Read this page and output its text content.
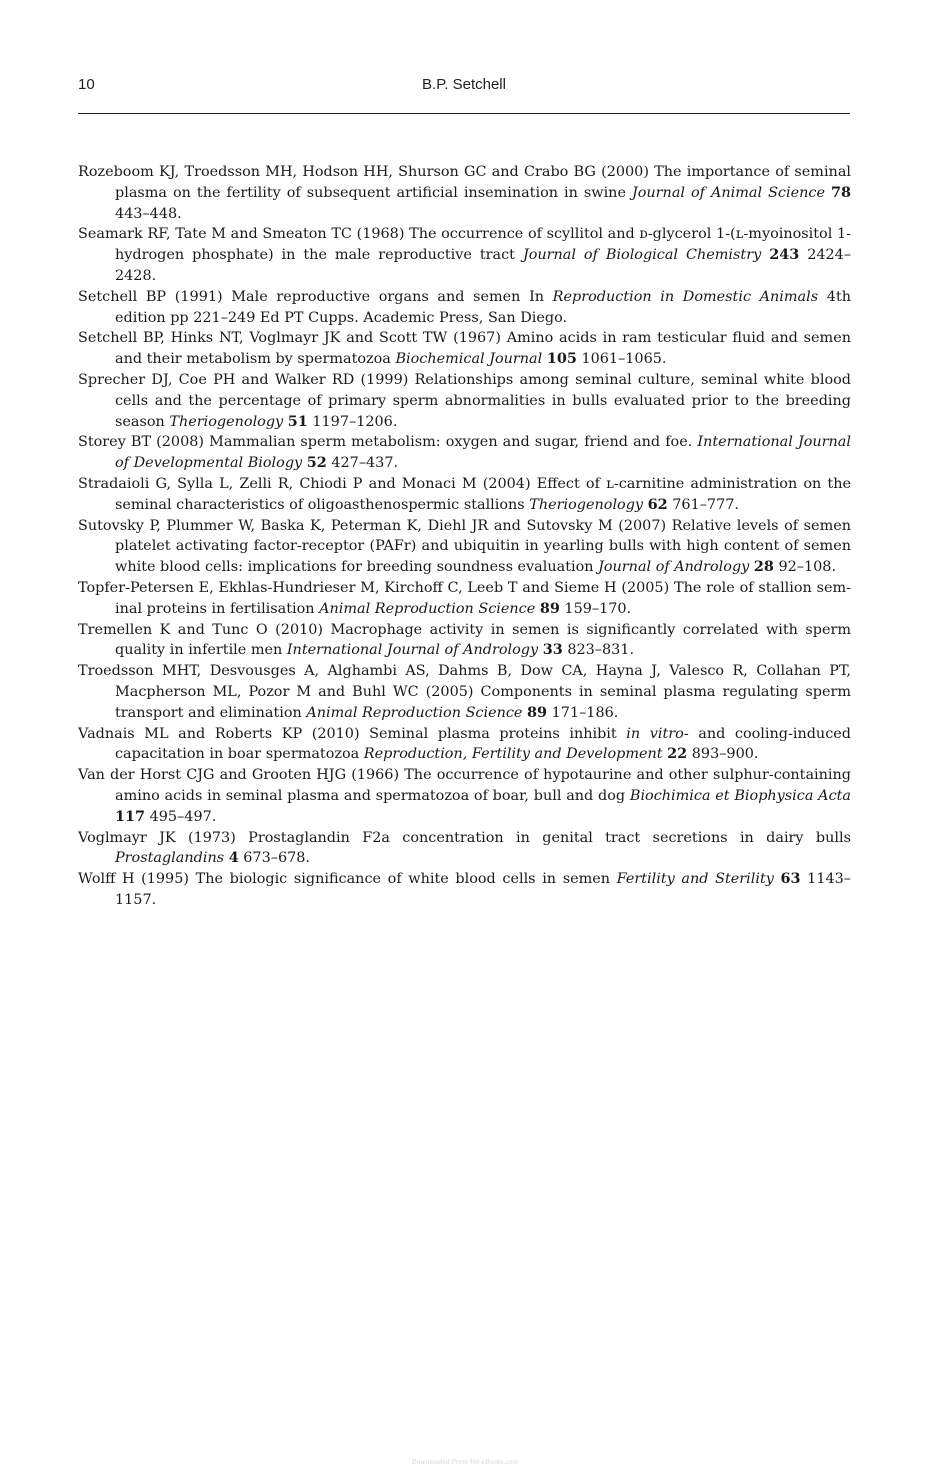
10	B.P. Setchell
Rozeboom KJ, Troedsson MH, Hodson HH, Shurson GC and Crabo BG (2000) The importance of seminal plasma on the fertility of subsequent artificial insemination in swine Journal of Animal Science 78 443–448.
Seamark RF, Tate M and Smeaton TC (1968) The occurrence of scyllitol and ᴅ-glycerol 1-(ʟ-myoinositol 1-hydrogen phosphate) in the male reproductive tract Journal of Biological Chemistry 243 2424–2428.
Setchell BP (1991) Male reproductive organs and semen In Reproduction in Domestic Animals 4th edition pp 221–249 Ed PT Cupps. Academic Press, San Diego.
Setchell BP, Hinks NT, Voglmayr JK and Scott TW (1967) Amino acids in ram testicular fluid and semen and their metabolism by spermatozoa Biochemical Journal 105 1061–1065.
Sprecher DJ, Coe PH and Walker RD (1999) Relationships among seminal culture, seminal white blood cells and the percentage of primary sperm abnormalities in bulls evaluated prior to the breeding season Theriogenology 51 1197–1206.
Storey BT (2008) Mammalian sperm metabolism: oxygen and sugar, friend and foe. International Journal of Developmental Biology 52 427–437.
Stradaioli G, Sylla L, Zelli R, Chiodi P and Monaci M (2004) Effect of ʟ-carnitine administration on the seminal characteristics of oligoasthenospermic stallions Theriogenology 62 761–777.
Sutovsky P, Plummer W, Baska K, Peterman K, Diehl JR and Sutovsky M (2007) Relative levels of semen platelet activating factor-receptor (PAFr) and ubiquitin in yearling bulls with high content of semen white blood cells: implications for breeding soundness evaluation Journal of Andrology 28 92–108.
Topfer-Petersen E, Ekhlas-Hundrieser M, Kirchoff C, Leeb T and Sieme H (2005) The role of stallion seminal proteins in fertilisation Animal Reproduction Science 89 159–170.
Tremellen K and Tunc O (2010) Macrophage activity in semen is significantly correlated with sperm quality in infertile men International Journal of Andrology 33 823–831.
Troedsson MHT, Desvousges A, Alghambi AS, Dahms B, Dow CA, Hayna J, Valesco R, Collahan PT, Macpherson ML, Pozor M and Buhl WC (2005) Components in seminal plasma regulating sperm transport and elimination Animal Reproduction Science 89 171–186.
Vadnais ML and Roberts KP (2010) Seminal plasma proteins inhibit in vitro- and cooling-induced capacitation in boar spermatozoa Reproduction, Fertility and Development 22 893–900.
Van der Horst CJG and Grooten HJG (1966) The occurrence of hypotaurine and other sulphur-containing amino acids in seminal plasma and spermatozoa of boar, bull and dog Biochimica et Biophysica Acta 117 495–497.
Voglmayr JK (1973) Prostaglandin F2a concentration in genital tract secretions in dairy bulls Prostaglandins 4 673–678.
Wolff H (1995) The biologic significance of white blood cells in semen Fertility and Sterility 63 1143–1157.
Downloaded From Vet-eBooks.com
